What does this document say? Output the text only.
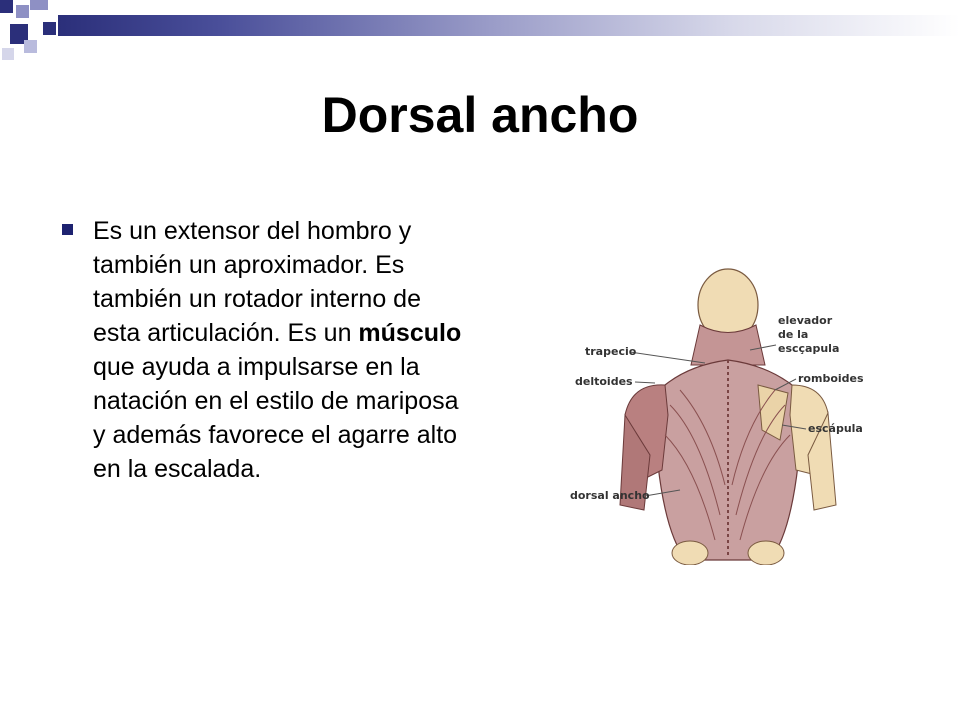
Dorsal ancho
Es un extensor del hombro y también un aproximador. Es también un rotador interno de esta articulación. Es un músculo que ayuda a impulsarse en la natación en el estilo de mariposa y además favorece el agarre alto en la escalada.
trapecio
deltoides
dorsal ancho
elevador
de la
escçapula
romboides
escápula
